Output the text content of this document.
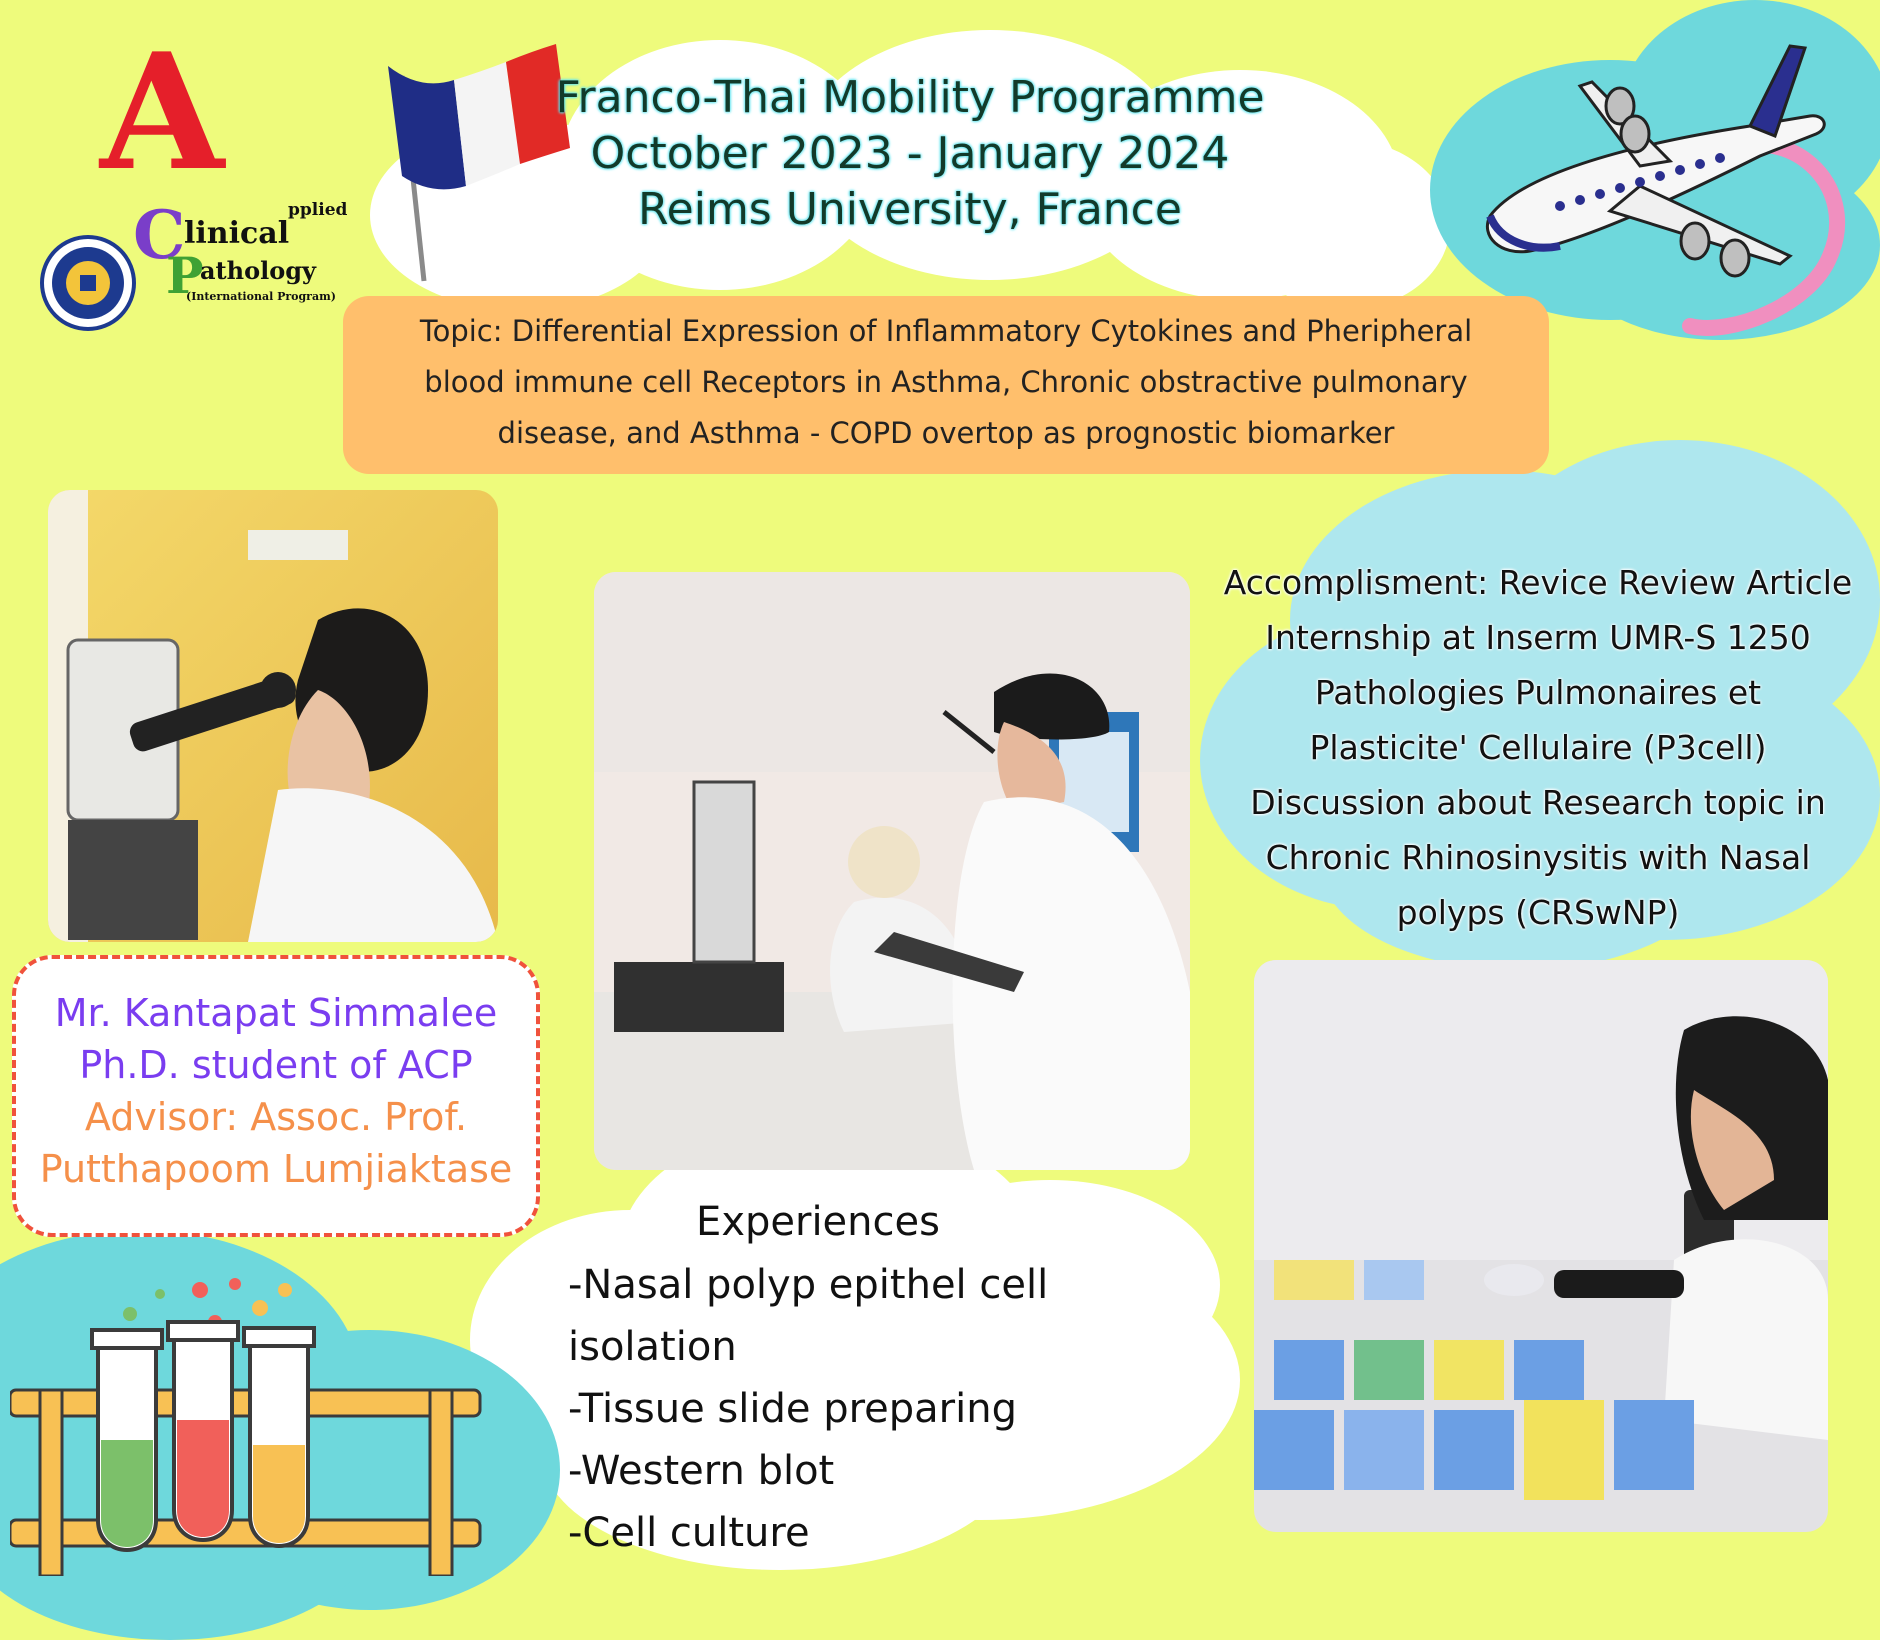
A
pplied
C
linical
P
athology
(International Program)
Franco-Thai Mobility Programme
October 2023 - January 2024
Reims University, France
Topic: Differential Expression of Inflammatory Cytokines and Pheripheral
blood immune cell Receptors in Asthma, Chronic obstractive pulmonary
disease, and Asthma - COPD overtop as prognostic biomarker
Mr. Kantapat Simmalee
Ph.D. student of ACP
Advisor: Assoc. Prof.
Putthapoom Lumjiaktase
Accomplisment: Revice Review Article
Internship at Inserm UMR-S 1250
Pathologies Pulmonaires et
Plasticite' Cellulaire (P3cell)
Discussion about Research topic in
Chronic Rhinosinysitis with Nasal
polyps (CRSwNP)
Experiences
-Nasal polyp epithel cell isolation
-Tissue slide preparing
-Western blot
-Cell culture
